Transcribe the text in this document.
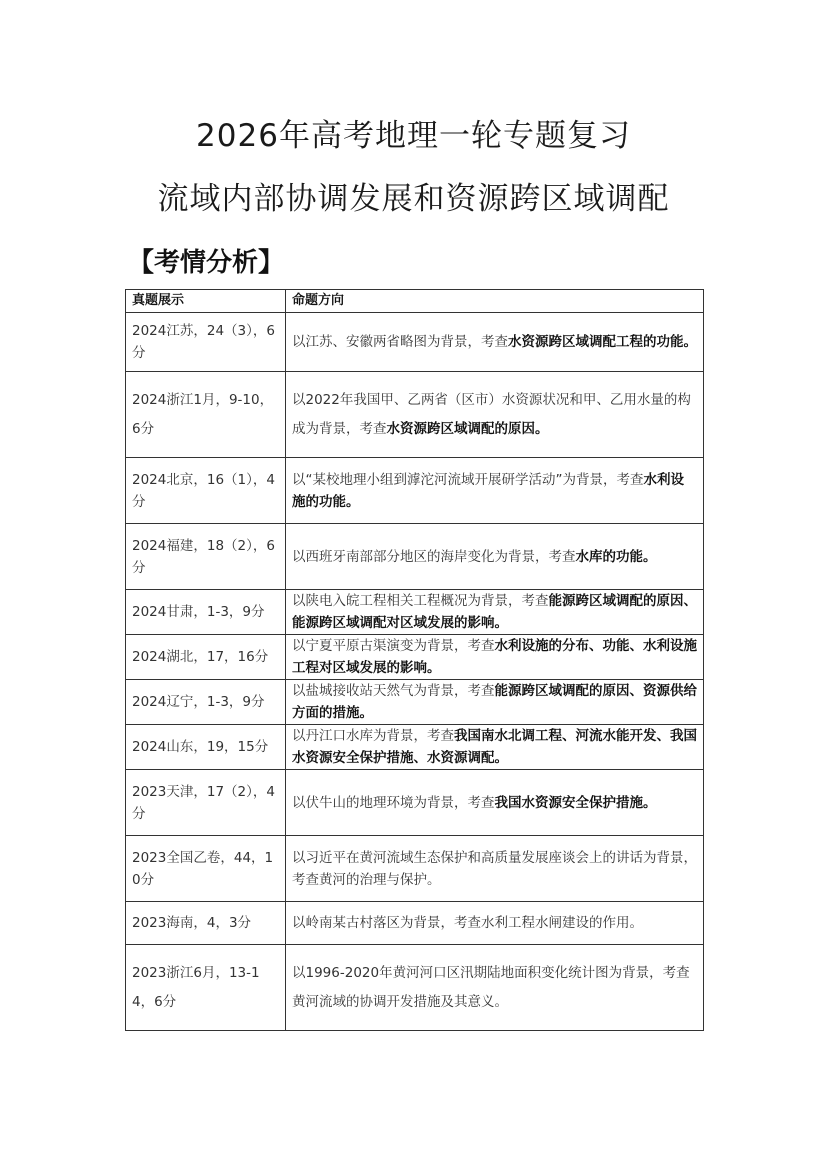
2026年高考地理一轮专题复习
流域内部协调发展和资源跨区域调配
【考情分析】
真题展示	命题方向
2024江苏，24（3），6分	以江苏、安徽两省略图为背景，考查水资源跨区域调配工程的功能。
2024浙江1月，9-10，6分	以2022年我国甲、乙两省（区市）水资源状况和甲、乙用水量的构成为背景，考查水资源跨区域调配的原因。
2024北京，16（1），4分	以“某校地理小组到滹沱河流域开展研学活动”为背景，考查水利设施的功能。
2024福建，18（2），6分	以西班牙南部部分地区的海岸变化为背景，考查水库的功能。
2024甘肃，1-3，9分	以陕电入皖工程相关工程概况为背景，考查能源跨区域调配的原因、能源跨区域调配对区域发展的影响。
2024湖北，17，16分	以宁夏平原古渠演变为背景，考查水利设施的分布、功能、水利设施工程对区域发展的影响。
2024辽宁，1-3，9分	以盐城接收站天然气为背景，考查能源跨区域调配的原因、资源供给方面的措施。
2024山东，19，15分	以丹江口水库为背景，考查我国南水北调工程、河流水能开发、我国水资源安全保护措施、水资源调配。
2023天津，17（2），4分	以伏牛山的地理环境为背景，考查我国水资源安全保护措施。
2023全国乙卷，44，10分	以习近平在黄河流域生态保护和高质量发展座谈会上的讲话为背景，考查黄河的治理与保护。
2023海南，4，3分	以岭南某古村落区为背景，考查水利工程水闸建设的作用。
2023浙江6月，13-14，6分	以1996-2020年黄河河口区汛期陆地面积变化统计图为背景，考查黄河流域的协调开发措施及其意义。
